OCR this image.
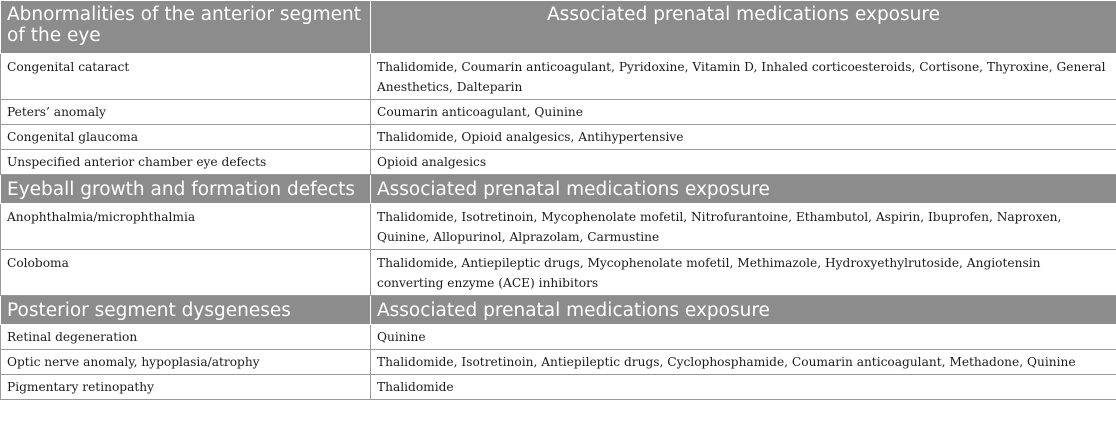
Abnormalities of the anterior segment of the eye	Associated prenatal medications exposure
Congenital cataract	Thalidomide, Coumarin anticoagulant, Pyridoxine, Vitamin D, Inhaled corticoesteroids, Cortisone, Thyroxine, General Anesthetics, Dalteparin
Peters’ anomaly	Coumarin anticoagulant, Quinine
Congenital glaucoma	Thalidomide, Opioid analgesics, Antihypertensive
Unspecified anterior chamber eye defects	Opioid analgesics
Eyeball growth and formation defects	Associated prenatal medications exposure
Anophthalmia/microphthalmia	Thalidomide, Isotretinoin, Mycophenolate mofetil, Nitrofurantoine, Ethambutol, Aspirin, Ibuprofen, Naproxen, Quinine, Allopurinol, Alprazolam, Carmustine
Coloboma	Thalidomide, Antiepileptic drugs, Mycophenolate mofetil, Methimazole, Hydroxyethylrutoside, Angiotensin converting enzyme (ACE) inhibitors
Posterior segment dysgeneses	Associated prenatal medications exposure
Retinal degeneration	Quinine
Optic nerve anomaly, hypoplasia/atrophy	Thalidomide, Isotretinoin, Antiepileptic drugs, Cyclophosphamide, Coumarin anticoagulant, Methadone, Quinine
Pigmentary retinopathy	Thalidomide
